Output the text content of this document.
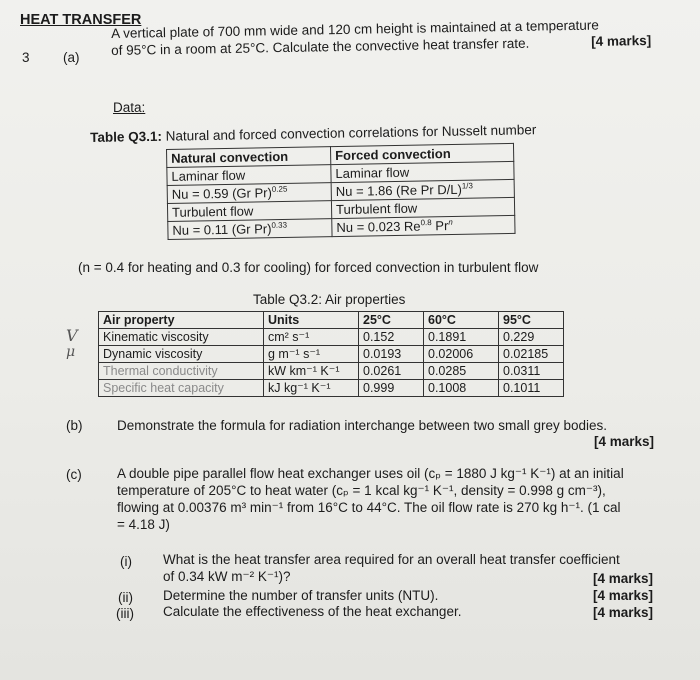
HEAT TRANSFER
3 (a)
A vertical plate of 700 mm wide and 120 cm height is maintained at a temperature
of 95°C in a room at 25°C. Calculate the convective heat transfer rate.	[4 marks]
Data:
Table Q3.1: Natural and forced convection correlations for Nusselt number
Natural convection	Forced convection
Laminar flow	Laminar flow
Nu = 0.59 (Gr Pr)$^{0.25}$	Nu = 1.86 (Re Pr D/L)$^{1/3}$
Turbulent flow	Turbulent flow
Nu = 0.11 (Gr Pr)$^{0.33}$	Nu = 0.023 $Re^{0.8}$ Pr$^n$
(n = 0.4 for heating and 0.3 for cooling) for forced convection in turbulent flow
Table Q3.2: Air properties
V
μ
Air property	Units	25°C	60°C	95°C
Kinematic viscosity	cm² s⁻¹	0.152	0.1891	0.229
Dynamic viscosity	g m⁻¹ s⁻¹	0.0193	0.02006	0.02185
Thermal conductivity	kW km⁻¹ K⁻¹	0.0261	0.0285	0.0311
Specific heat capacity	kJ kg⁻¹ K⁻¹	0.999	0.1008	0.1011
(b)	Demonstrate the formula for radiation interchange between two small grey bodies.
[4 marks]
(c)	A double pipe parallel flow heat exchanger uses oil (cₚ = 1880 J kg⁻¹ K⁻¹) at an initial
temperature of 205°C to heat water (cₚ = 1 kcal kg⁻¹ K⁻¹, density = 0.998 g cm⁻³),
flowing at 0.00376 m³ min⁻¹ from 16°C to 44°C. The oil flow rate is 270 kg h⁻¹. (1 cal
= 4.18 J)
(i) What is the heat transfer area required for an overall heat transfer coefficient
of 0.34 kW m⁻² K⁻¹)?	[4 marks]
(ii) Determine the number of transfer units (NTU).	[4 marks]
(iii) Calculate the effectiveness of the heat exchanger.	[4 marks]
